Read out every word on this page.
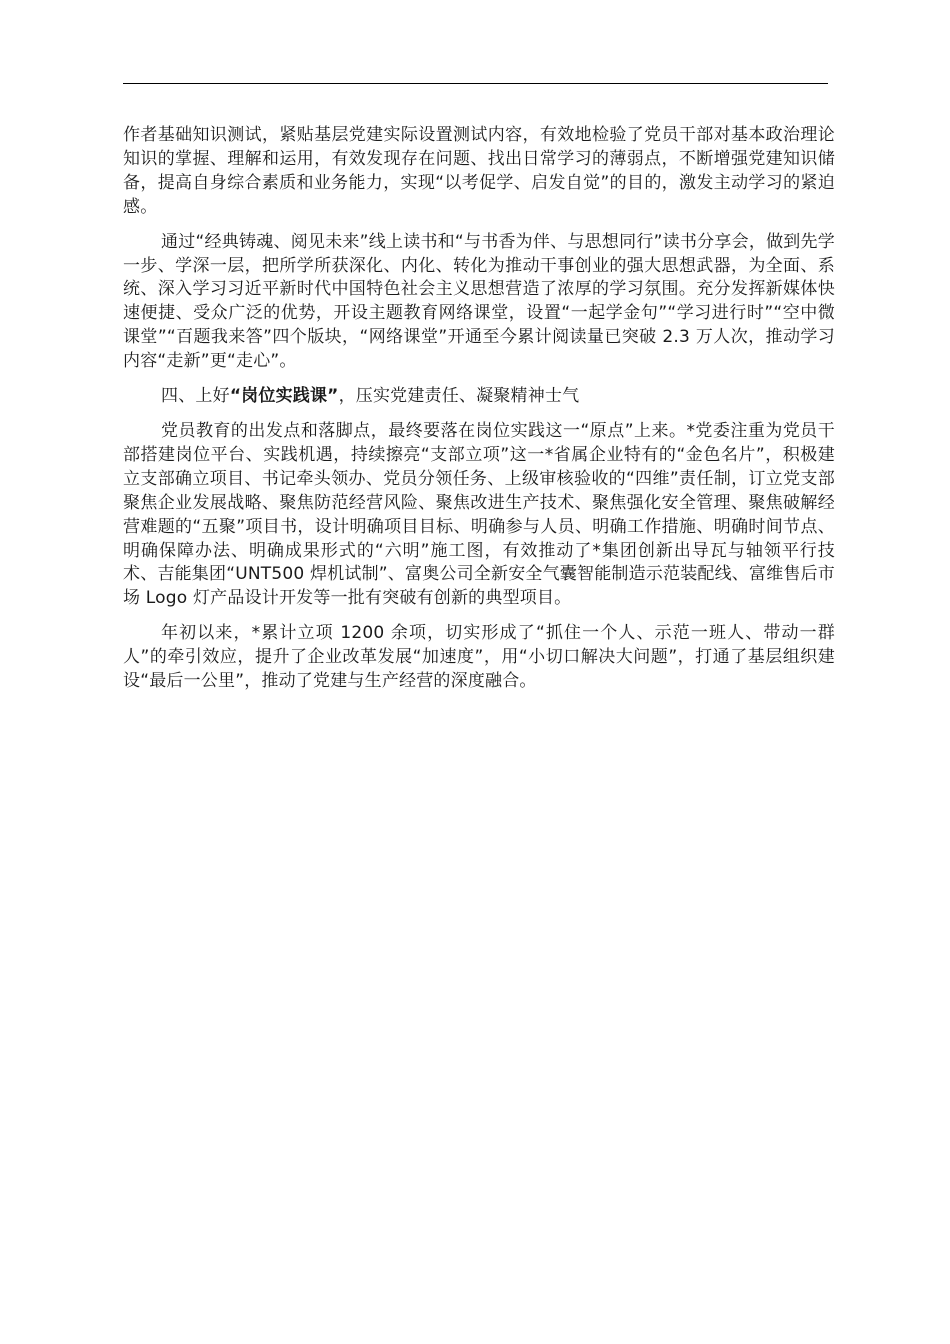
作者基础知识测试，紧贴基层党建实际设置测试内容，有效地检验了党员干部对基本政治理论知识的掌握、理解和运用，有效发现存在问题、找出日常学习的薄弱点，不断增强党建知识储备，提高自身综合素质和业务能力，实现“以考促学、启发自觉”的目的，激发主动学习的紧迫感。

通过“经典铸魂、阅见未来”线上读书和“与书香为伴、与思想同行”读书分享会，做到先学一步、学深一层，把所学所获深化、内化、转化为推动干事创业的强大思想武器，为全面、系统、深入学习习近平新时代中国特色社会主义思想营造了浓厚的学习氛围。充分发挥新媒体快速便捷、受众广泛的优势，开设主题教育网络课堂，设置“一起学金句”“学习进行时”“空中微课堂”“百题我来答”四个版块，“网络课堂”开通至今累计阅读量已突破 2.3 万人次，推动学习内容“走新”更“走心”。

四、上好“岗位实践课”，压实党建责任、凝聚精神士气

党员教育的出发点和落脚点，最终要落在岗位实践这一“原点”上来。*党委注重为党员干部搭建岗位平台、实践机遇，持续擦亮“支部立项”这一*省属企业特有的“金色名片”，积极建立支部确立项目、书记牵头领办、党员分领任务、上级审核验收的“四维”责任制，订立党支部聚焦企业发展战略、聚焦防范经营风险、聚焦改进生产技术、聚焦强化安全管理、聚焦破解经营难题的“五聚”项目书，设计明确项目目标、明确参与人员、明确工作措施、明确时间节点、明确保障办法、明确成果形式的“六明”施工图，有效推动了*集团创新出导瓦与轴领平行技术、吉能集团“UNT500 焊机试制”、富奥公司全新安全气囊智能制造示范装配线、富维售后市场 Logo 灯产品设计开发等一批有突破有创新的典型项目。

年初以来，*累计立项 1200 余项，切实形成了“抓住一个人、示范一班人、带动一群人”的牵引效应，提升了企业改革发展“加速度”，用“小切口解决大问题”，打通了基层组织建设“最后一公里”，推动了党建与生产经营的深度融合。
